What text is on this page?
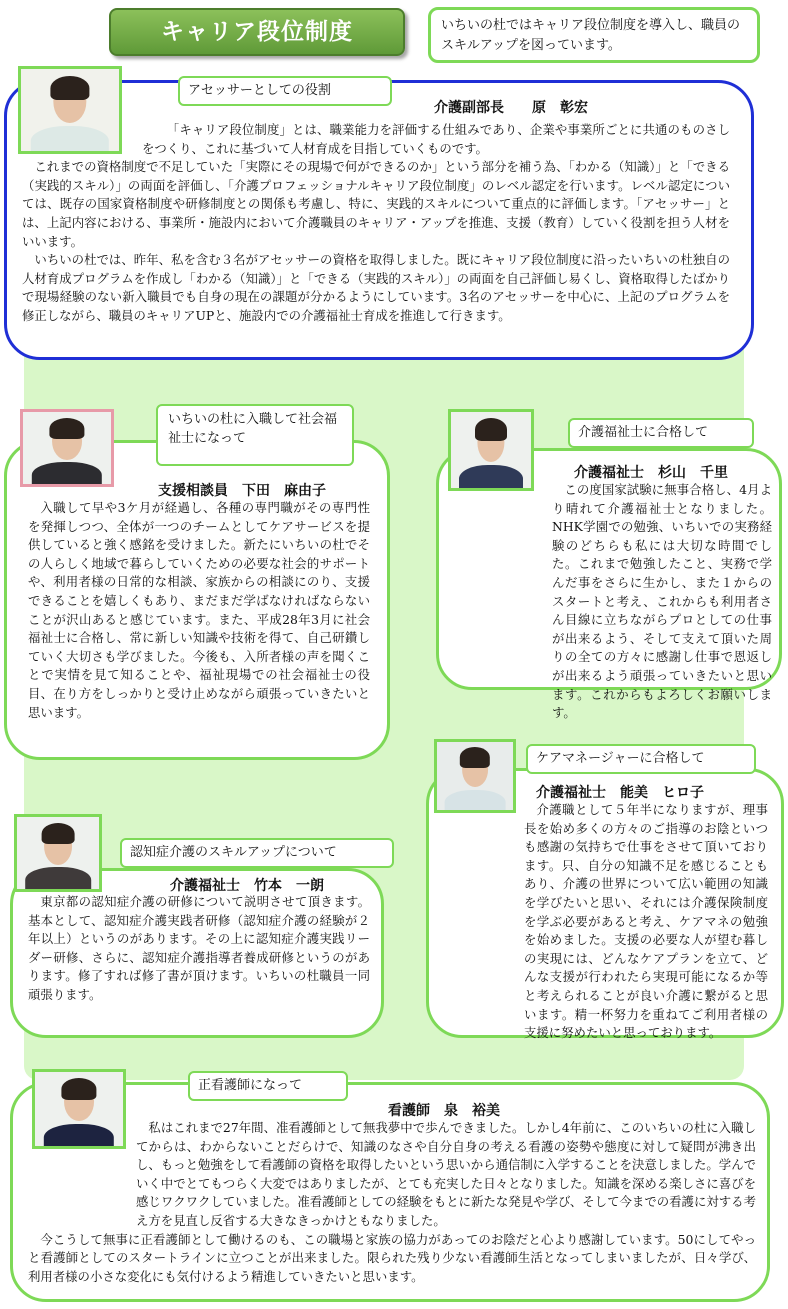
キャリア段位制度	いちいの杜ではキャリア段位制度を導入し、職員のスキルアップを図っています。
アセッサーとしての役割
介護副部長　　原　彰宏

「キャリア段位制度」とは、職業能力を評価する仕組みであり、企業や事業所ごとに共通のものさしをつくり、これに基づいて人材育成を目指していくものです。

これまでの資格制度で不足していた「実際にその現場で何ができるのか」という部分を補う為、「わかる（知識）」と「できる（実践的スキル）」の両面を評価し、「介護プロフェッショナルキャリア段位制度」のレベル認定を行います。レベル認定については、既存の国家資格制度や研修制度との関係も考慮し、特に、実践的スキルについて重点的に評価します。「アセッサー」とは、上記内容における、事業所・施設内において介護職員のキャリア・アップを推進、支援（教育）していく役割を担う人材をいいます。

いちいの杜では、昨年、私を含む３名がアセッサーの資格を取得しました。既にキャリア段位制度に沿ったいちいの杜独自の人材育成プログラムを作成し「わかる（知識）」と「できる（実践的スキル）」の両面を自己評価し易くし、資格取得したばかりで現場経験のない新入職員でも自身の現在の課題が分かるようにしています。3名のアセッサーを中心に、上記のプログラムを修正しながら、職員のキャリアUPと、施設内での介護福祉士育成を推進して行きます。

いちいの杜に入職して社会福祉士になって
支援相談員　下田　麻由子

入職して早や3ケ月が経過し、各種の専門職がその専門性を発揮しつつ、全体が一つのチームとしてケアサービスを提供していると強く感銘を受けました。新たにいちいの杜でその人らしく地域で暮らしていくための必要な社会的サポートや、利用者様の日常的な相談、家族からの相談にのり、支援できることを嬉しくもあり、まだまだ学ばなければならないことが沢山あると感じています。また、平成28年3月に社会福祉士に合格し、常に新しい知識や技術を得て、自己研鑽していく大切さも学びました。今後も、入所者様の声を聞くことで実情を見て知ることや、福祉現場での社会福祉士の役目、在り方をしっかりと受け止めながら頑張っていきたいと思います。

介護福祉士に合格して
介護福祉士　杉山　千里

この度国家試験に無事合格し、4月より晴れて介護福祉士となりました。NHK学園での勉強、いちいでの実務経験のどちらも私には大切な時間でした。これまで勉強したこと、実務で学んだ事をさらに生かし、また１からのスタートと考え、これからも利用者さん目線に立ちながらプロとしての仕事が出来るよう、そして支えて頂いた周りの全ての方々に感謝し仕事で恩返しが出来るよう頑張っていきたいと思います。これからもよろしくお願いします。

ケアマネージャーに合格して
介護福祉士　能美　ヒロ子

介護職として５年半になりますが、理事長を始め多くの方々のご指導のお陰といつも感謝の気持ちで仕事をさせて頂いております。只、自分の知識不足を感じることもあり、介護の世界について広い範囲の知識を学びたいと思い、それには介護保険制度を学ぶ必要があると考え、ケアマネの勉強を始めました。支援の必要な人が望む暮しの実現には、どんなケアプランを立て、どんな支援が行われたら実現可能になるか等と考えられることが良い介護に繋がると思います。精一杯努力を重ねてご利用者様の支援に努めたいと思っております。

認知症介護のスキルアップについて
介護福祉士　竹本　一朗

東京都の認知症介護の研修について説明させて頂きます。基本として、認知症介護実践者研修（認知症介護の経験が２年以上）というのがあります。その上に認知症介護実践リーダー研修、さらに、認知症介護指導者養成研修というのがあります。修了すれば修了書が頂けます。いちいの杜職員一同頑張ります。

正看護師になって
看護師　泉　裕美

私はこれまで27年間、准看護師として無我夢中で歩んできました。しかし4年前に、このいちいの杜に入職してからは、わからないことだらけで、知識のなさや自分自身の考える看護の姿勢や態度に対して疑問が沸き出し、もっと勉強をして看護師の資格を取得したいという思いから通信制に入学することを決意しました。学んでいく中でとてもつらく大変ではありましたが、とても充実した日々となりました。知識を深める楽しさに喜びを感じワクワクしていました。准看護師としての経験をもとに新たな発見や学び、そして今までの看護に対する考え方を見直し反省する大きなきっかけともなりました。

今こうして無事に正看護師として働けるのも、この職場と家族の協力があってのお陰だと心より感謝しています。50にしてやっと看護師としてのスタートラインに立つことが出来ました。限られた残り少ない看護師生活となってしまいましたが、日々学び、利用者様の小さな変化にも気付けるよう精進していきたいと思います。
